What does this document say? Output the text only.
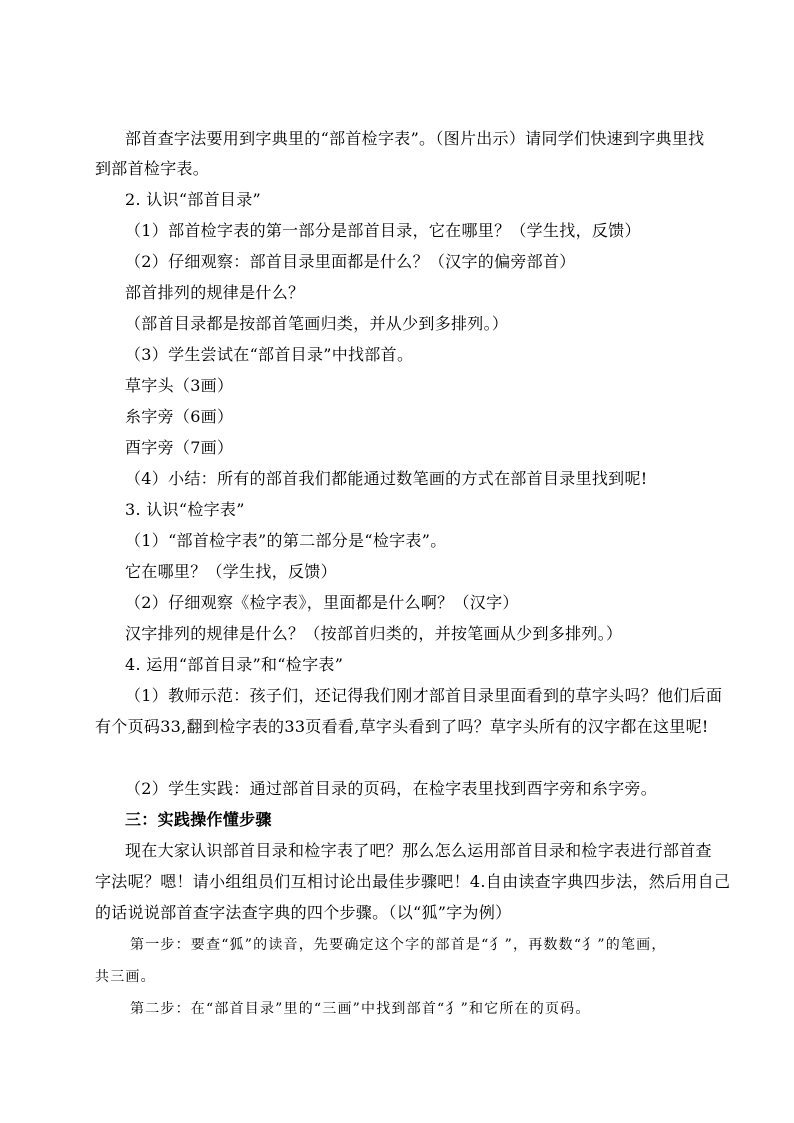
部首查字法要用到字典里的“部首检字表”。（图片出示）请同学们快速到字典里找
到部首检字表。
2. 认识“部首目录”
（1）部首检字表的第一部分是部首目录，它在哪里？（学生找，反馈）
（2）仔细观察：部首目录里面都是什么？（汉字的偏旁部首）
部首排列的规律是什么？
（部首目录都是按部首笔画归类，并从少到多排列。）
（3）学生尝试在“部首目录”中找部首。
草字头（3画）
糸字旁（6画）
酉字旁（7画）
（4）小结：所有的部首我们都能通过数笔画的方式在部首目录里找到呢!
3. 认识“检字表”
（1）“部首检字表”的第二部分是“检字表”。
它在哪里？（学生找，反馈）
（2）仔细观察《检字表》，里面都是什么啊？（汉字）
汉字排列的规律是什么？（按部首归类的，并按笔画从少到多排列。）
4. 运用“部首目录”和“检字表”
（1）教师示范：孩子们，还记得我们刚才部首目录里面看到的草字头吗？他们后面
有个页码33,翻到检字表的33页看看,草字头看到了吗？草字头所有的汉字都在这里呢!
（2）学生实践：通过部首目录的页码，在检字表里找到酉字旁和糸字旁。
三：实践操作懂步骤
现在大家认识部首目录和检字表了吧？那么怎么运用部首目录和检字表进行部首查
字法呢？嗯！请小组组员们互相讨论出最佳步骤吧！4.自由读查字典四步法，然后用自己
的话说说部首查字法查字典的四个步骤。（以“狐”字为例）
第一步：要查“狐”的读音，先要确定这个字的部首是“犭”，再数数“犭”的笔画，
共三画。
第二步：在“部首目录”里的“三画”中找到部首“犭”和它所在的页码。
